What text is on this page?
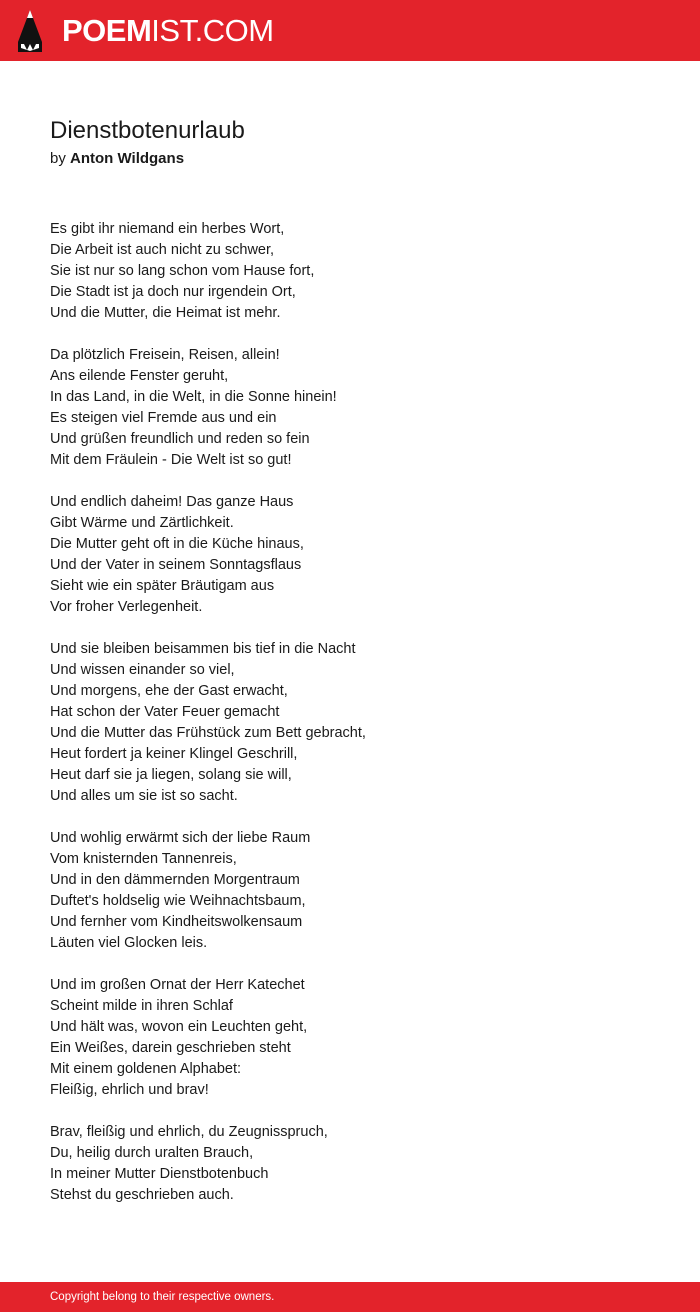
POEMIST.COM
Dienstbotenurlaub
by Anton Wildgans
Es gibt ihr niemand ein herbes Wort,
Die Arbeit ist auch nicht zu schwer,
Sie ist nur so lang schon vom Hause fort,
Die Stadt ist ja doch nur irgendein Ort,
Und die Mutter, die Heimat ist mehr.
Da plötzlich Freisein, Reisen, allein!
Ans eilende Fenster geruht,
In das Land, in die Welt, in die Sonne hinein!
Es steigen viel Fremde aus und ein
Und grüßen freundlich und reden so fein
Mit dem Fräulein - Die Welt ist so gut!
Und endlich daheim! Das ganze Haus
Gibt Wärme und Zärtlichkeit.
Die Mutter geht oft in die Küche hinaus,
Und der Vater in seinem Sonntagsflaus
Sieht wie ein später Bräutigam aus
Vor froher Verlegenheit.
Und sie bleiben beisammen bis tief in die Nacht
Und wissen einander so viel,
Und morgens, ehe der Gast erwacht,
Hat schon der Vater Feuer gemacht
Und die Mutter das Frühstück zum Bett gebracht,
Heut fordert ja keiner Klingel Geschrill,
Heut darf sie ja liegen, solang sie will,
Und alles um sie ist so sacht.
Und wohlig erwärmt sich der liebe Raum
Vom knisternden Tannenreis,
Und in den dämmernden Morgentraum
Duftet's holdselig wie Weihnachtsbaum,
Und fernher vom Kindheitswolkensaum
Läuten viel Glocken leis.
Und im großen Ornat der Herr Katechet
Scheint milde in ihren Schlaf
Und hält was, wovon ein Leuchten geht,
Ein Weißes, darein geschrieben steht
Mit einem goldenen Alphabet:
Fleißig, ehrlich und brav!
Brav, fleißig und ehrlich, du Zeugnisspruch,
Du, heilig durch uralten Brauch,
In meiner Mutter Dienstbotenbuch
Stehst du geschrieben auch.
Copyright belong to their respective owners.
